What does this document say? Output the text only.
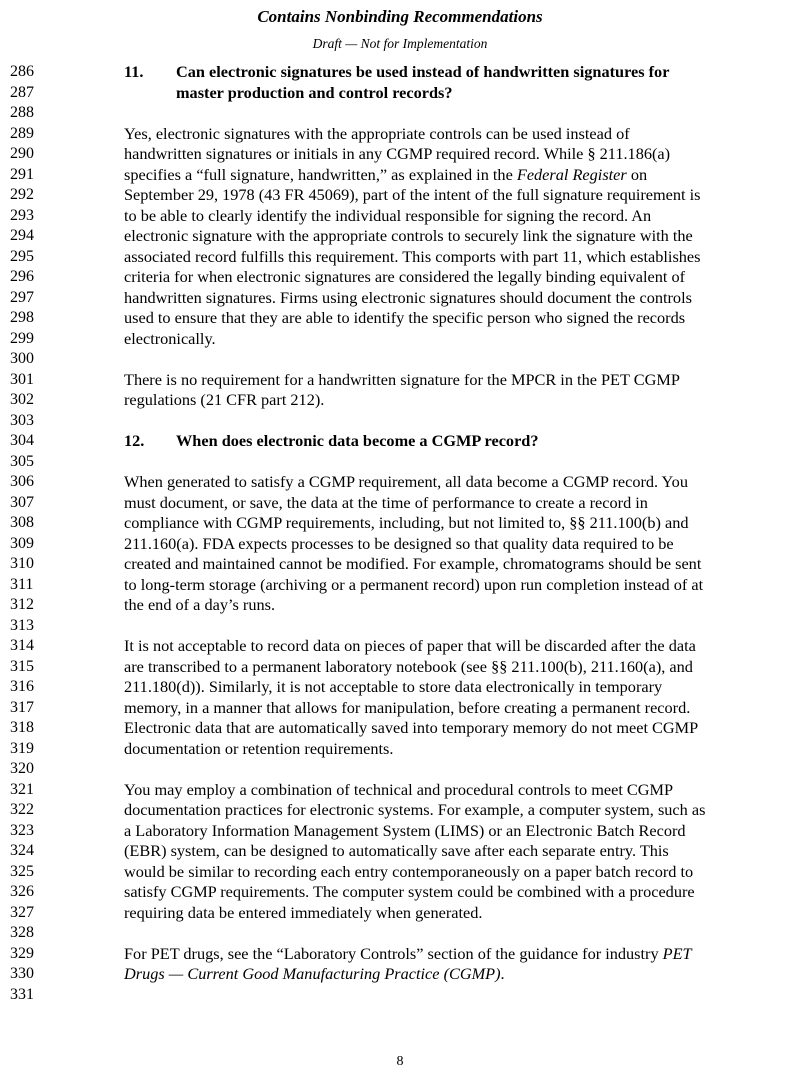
Contains Nonbinding Recommendations
Draft — Not for Implementation
286	11. Can electronic signatures be used instead of handwritten signatures for
287	master production and control records?
288
289	Yes, electronic signatures with the appropriate controls can be used instead of
290	handwritten signatures or initials in any CGMP required record. While § 211.186(a)
291	specifies a “full signature, handwritten,” as explained in the Federal Register on
292	September 29, 1978 (43 FR 45069), part of the intent of the full signature requirement is
293	to be able to clearly identify the individual responsible for signing the record. An
294	electronic signature with the appropriate controls to securely link the signature with the
295	associated record fulfills this requirement. This comports with part 11, which establishes
296	criteria for when electronic signatures are considered the legally binding equivalent of
297	handwritten signatures. Firms using electronic signatures should document the controls
298	used to ensure that they are able to identify the specific person who signed the records
299	electronically.
300
301	There is no requirement for a handwritten signature for the MPCR in the PET CGMP
302	regulations (21 CFR part 212).
303
304	12. When does electronic data become a CGMP record?
305
306	When generated to satisfy a CGMP requirement, all data become a CGMP record. You
307	must document, or save, the data at the time of performance to create a record in
308	compliance with CGMP requirements, including, but not limited to, §§ 211.100(b) and
309	211.160(a). FDA expects processes to be designed so that quality data required to be
310	created and maintained cannot be modified. For example, chromatograms should be sent
311	to long-term storage (archiving or a permanent record) upon run completion instead of at
312	the end of a day’s runs.
313
314	It is not acceptable to record data on pieces of paper that will be discarded after the data
315	are transcribed to a permanent laboratory notebook (see §§ 211.100(b), 211.160(a), and
316	211.180(d)). Similarly, it is not acceptable to store data electronically in temporary
317	memory, in a manner that allows for manipulation, before creating a permanent record.
318	Electronic data that are automatically saved into temporary memory do not meet CGMP
319	documentation or retention requirements.
320
321	You may employ a combination of technical and procedural controls to meet CGMP
322	documentation practices for electronic systems. For example, a computer system, such as
323	a Laboratory Information Management System (LIMS) or an Electronic Batch Record
324	(EBR) system, can be designed to automatically save after each separate entry. This
325	would be similar to recording each entry contemporaneously on a paper batch record to
326	satisfy CGMP requirements. The computer system could be combined with a procedure
327	requiring data be entered immediately when generated.
328
329	For PET drugs, see the “Laboratory Controls” section of the guidance for industry PET
330	Drugs — Current Good Manufacturing Practice (CGMP).
331
8
